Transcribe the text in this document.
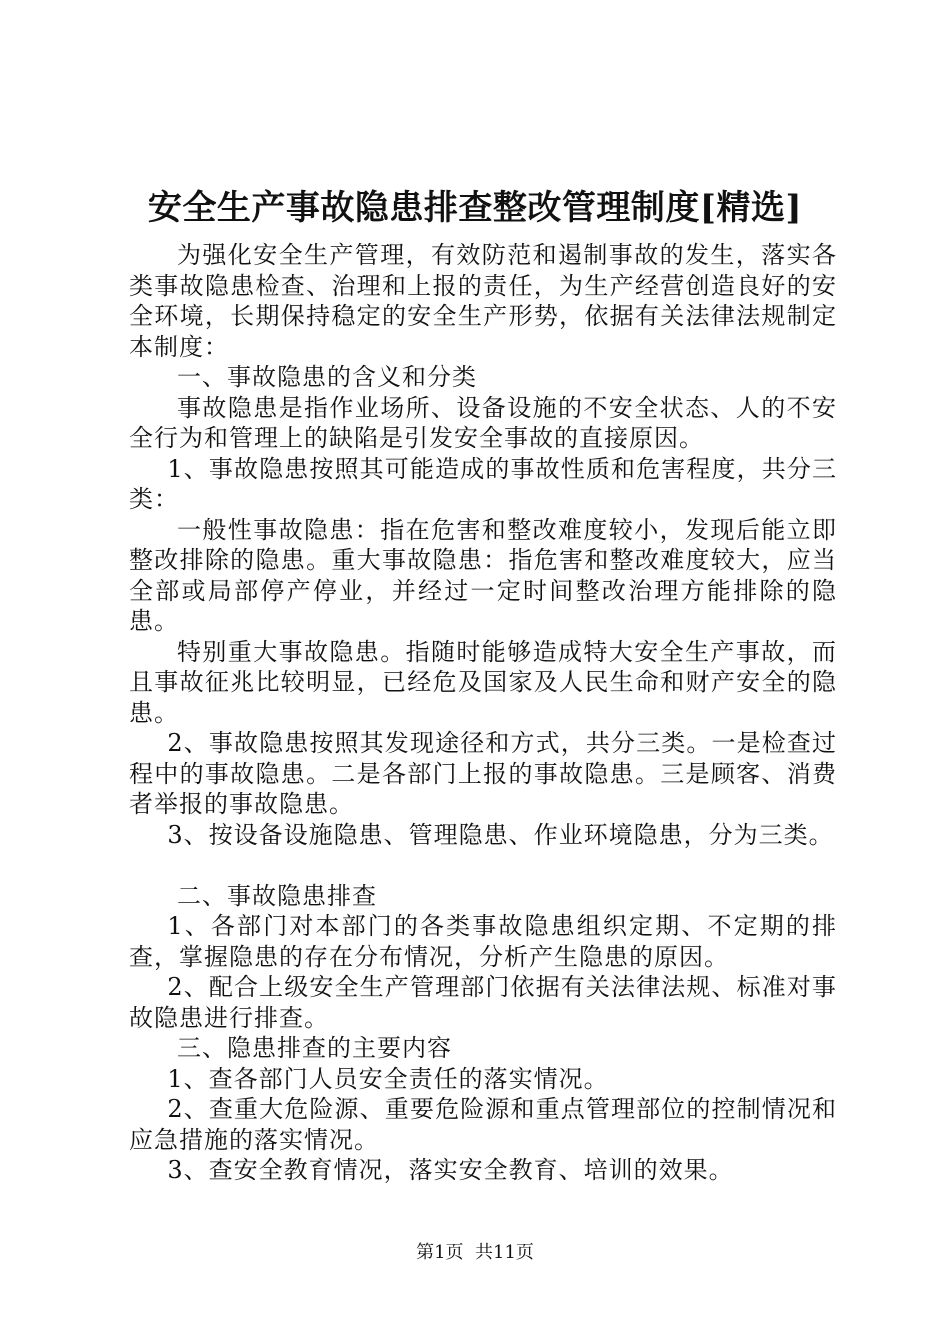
安全生产事故隐患排查整改管理制度[精选]

为强化安全生产管理，有效防范和遏制事故的发生，落实各类事故隐患检查、治理和上报的责任，为生产经营创造良好的安全环境，长期保持稳定的安全生产形势，依据有关法律法规制定本制度：

一、事故隐患的含义和分类

事故隐患是指作业场所、设备设施的不安全状态、人的不安全行为和管理上的缺陷是引发安全事故的直接原因。

1、事故隐患按照其可能造成的事故性质和危害程度，共分三类：

一般性事故隐患：指在危害和整改难度较小，发现后能立即整改排除的隐患。重大事故隐患：指危害和整改难度较大，应当全部或局部停产停业，并经过一定时间整改治理方能排除的隐患。

特别重大事故隐患。指随时能够造成特大安全生产事故，而且事故征兆比较明显，已经危及国家及人民生命和财产安全的隐患。

2、事故隐患按照其发现途径和方式，共分三类。一是检查过程中的事故隐患。二是各部门上报的事故隐患。三是顾客、消费者举报的事故隐患。

3、按设备设施隐患、管理隐患、作业环境隐患，分为三类。

二、事故隐患排查

1、各部门对本部门的各类事故隐患组织定期、不定期的排查，掌握隐患的存在分布情况，分析产生隐患的原因。

2、配合上级安全生产管理部门依据有关法律法规、标准对事故隐患进行排查。

三、隐患排查的主要内容

1、查各部门人员安全责任的落实情况。

2、查重大危险源、重要危险源和重点管理部位的控制情况和应急措施的落实情况。

3、查安全教育情况，落实安全教育、培训的效果。

第1页  共11页
